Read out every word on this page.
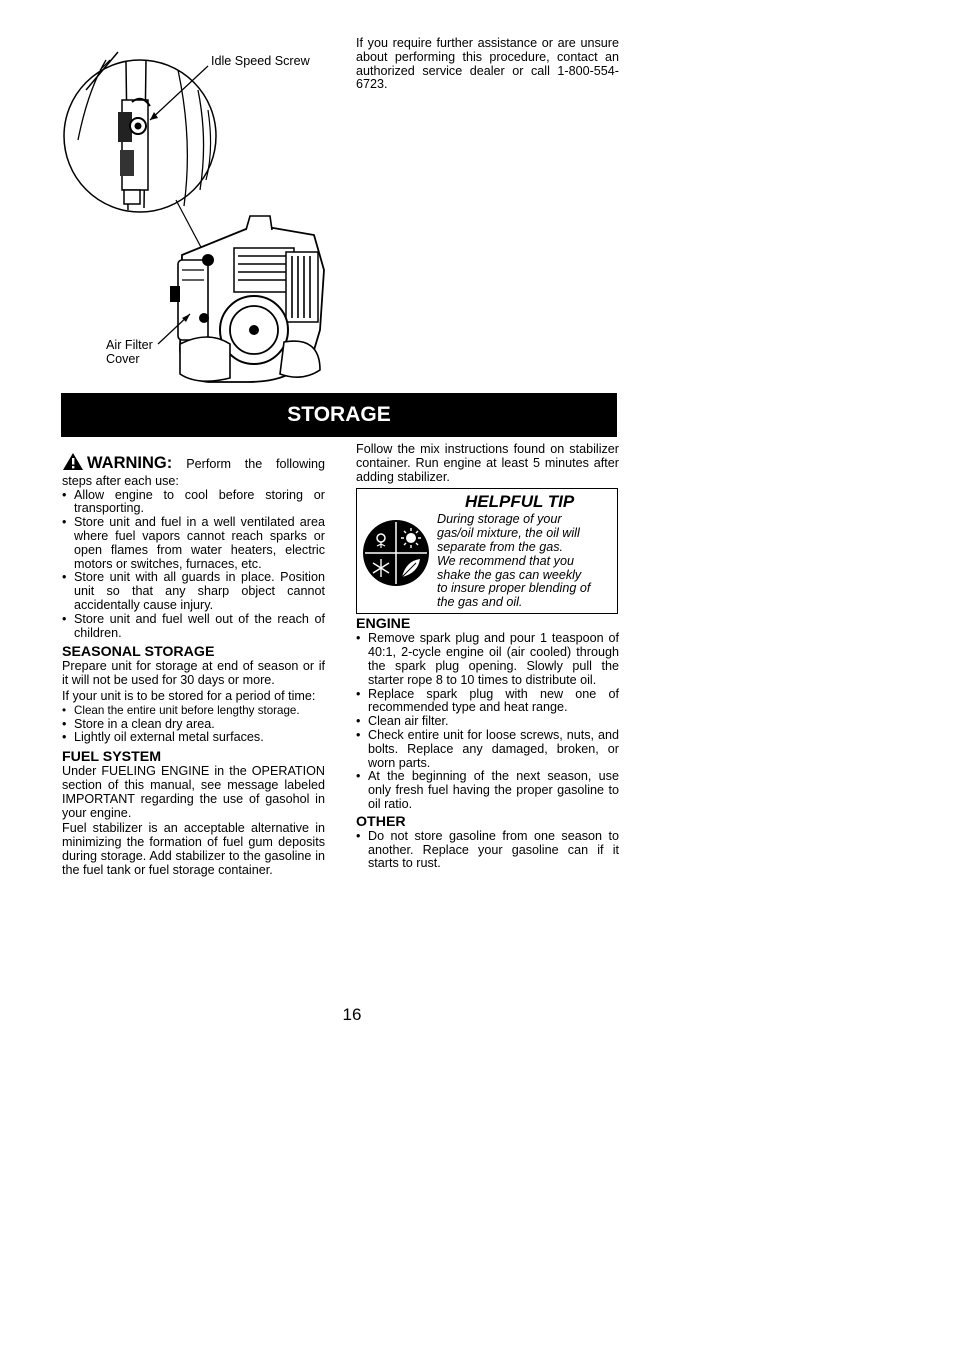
Idle Speed Screw
Air Filter
Cover

If you require further assistance or are unsure about performing this procedure, contact an authorized service dealer or call 1-800-554-6723.

STORAGE
WARNING: Perform the following steps after each use:
• Allow engine to cool before storing or transporting.
• Store unit and fuel in a well ventilated area where fuel vapors cannot reach sparks or open flames from water heaters, electric motors or switches, furnaces, etc.
• Store unit with all guards in place. Position unit so that any sharp object cannot accidentally cause injury.
• Store unit and fuel well out of the reach of children.
SEASONAL STORAGE

Prepare unit for storage at end of season or if it will not be used for 30 days or more.

If your unit is to be stored for a period of time:

• Clean the entire unit before lengthy storage.
• Store in a clean dry area.
• Lightly oil external metal surfaces.
FUEL SYSTEM

Under FUELING ENGINE in the OPERATION section of this manual, see message labeled IMPORTANT regarding the use of gasohol in your engine.

Fuel stabilizer is an acceptable alternative in minimizing the formation of fuel gum deposits during storage. Add stabilizer to the gasoline in the fuel tank or fuel storage container.

Follow the mix instructions found on stabilizer container. Run engine at least 5 minutes after adding stabilizer.

HELPFUL TIP

During storage of your gas/oil mixture, the oil will separate from the gas.

We recommend that you shake the gas can weekly to insure proper blending of the gas and oil.

ENGINE
• Remove spark plug and pour 1 teaspoon of 40:1, 2-cycle engine oil (air cooled) through the spark plug opening. Slowly pull the starter rope 8 to 10 times to distribute oil.
• Replace spark plug with new one of recommended type and heat range.
• Clean air filter.
• Check entire unit for loose screws, nuts, and bolts. Replace any damaged, broken, or worn parts.
• At the beginning of the next season, use only fresh fuel having the proper gasoline to oil ratio.
OTHER
• Do not store gasoline from one season to another. Replace your gasoline can if it starts to rust.
16
